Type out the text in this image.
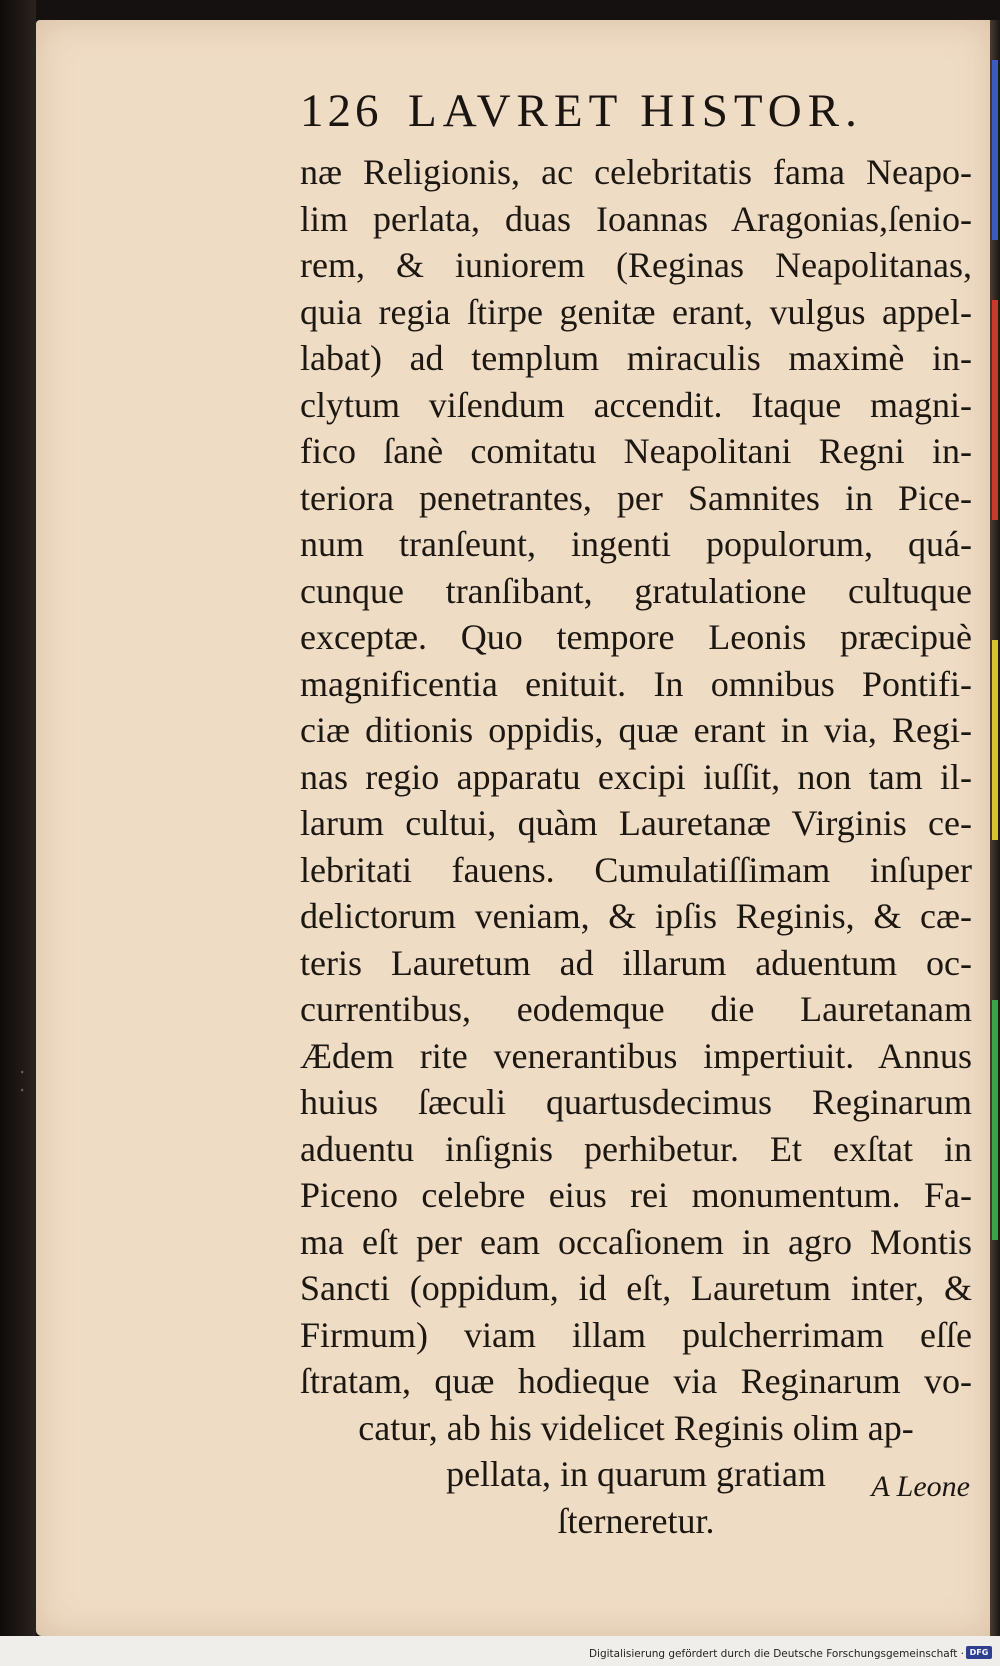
ꞏ
ꞏ
126 LAVRET HISTOR.
næ Religionis, ac celebritatis fama Neapo-
lim perlata, duas Ioannas Aragonias,ſenio-
rem, & iuniorem (Reginas Neapolitanas,
quia regia ſtirpe genitæ erant, vulgus appel-
labat) ad templum miraculis maximè in-
clytum viſendum accendit. Itaque magni-
fico ſanè comitatu Neapolitani Regni in-
teriora penetrantes, per Samnites in Pice-
num tranſeunt, ingenti populorum, quá-
cunque tranſibant, gratulatione cultuque
exceptæ. Quo tempore Leonis præcipuè
magnificentia enituit. In omnibus Pontifi-
ciæ ditionis oppidis, quæ erant in via, Regi-
nas regio apparatu excipi iuſſit, non tam il-
larum cultui, quàm Lauretanæ Virginis ce-
lebritati fauens. Cumulatiſſimam inſuper
delictorum veniam, & ipſis Reginis, & cæ-
teris Lauretum ad illarum aduentum oc-
currentibus, eodemque die Lauretanam
Ædem rite venerantibus impertiuit. Annus
huius ſæculi quartusdecimus Reginarum
aduentu inſignis perhibetur. Et exſtat in
Piceno celebre eius rei monumentum. Fa-
ma eſt per eam occaſionem in agro Montis
Sancti (oppidum, id eſt, Lauretum inter, &
Firmum) viam illam pulcherrimam eſſe
ſtratam, quæ hodieque via Reginarum vo-
catur, ab his videlicet Reginis olim ap-
pellata, in quarum gratiam
ſterneretur.
A Leone
Digitalisierung gefördert durch die Deutsche Forschungsgemeinschaft · DFG
